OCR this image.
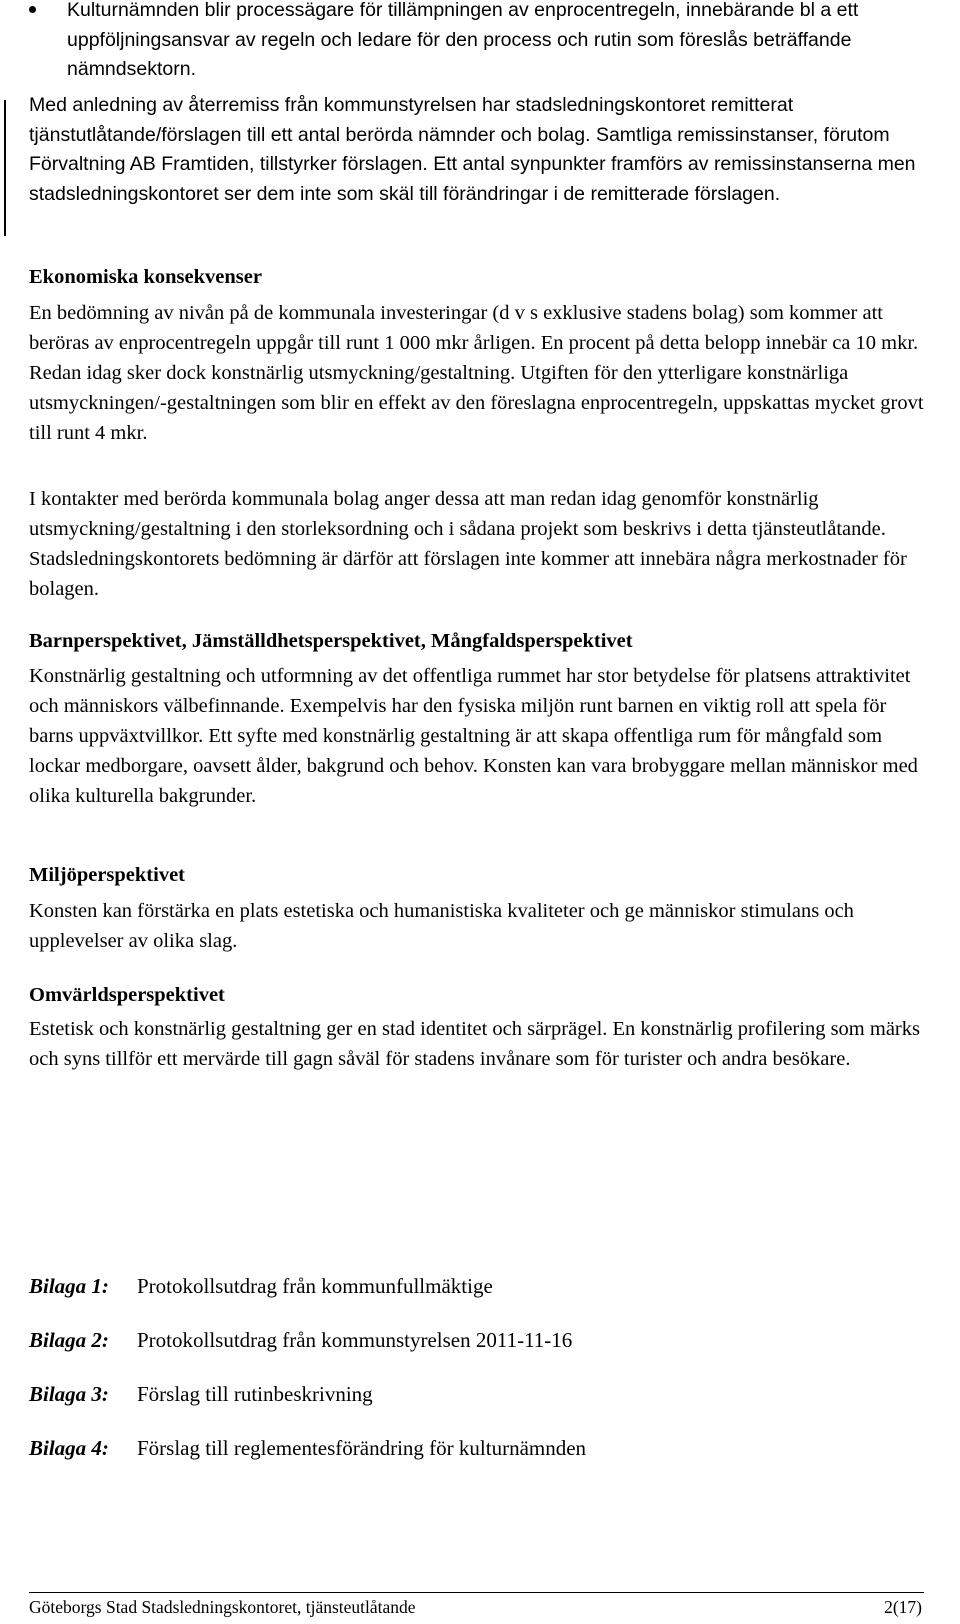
Kulturnämnden blir processägare för tillämpningen av enprocentregeln, innebärande bl a ett uppföljningsansvar av regeln och ledare för den process och rutin som föreslås beträffande nämndsektorn.

Med anledning av återremiss från kommunstyrelsen har stadsledningskontoret remitterat tjänstutlåtande/förslagen till ett antal berörda nämnder och bolag. Samtliga remissinstanser, förutom Förvaltning AB Framtiden, tillstyrker förslagen. Ett antal synpunkter framförs av remissinstanserna men stadsledningskontoret ser dem inte som skäl till förändringar i de remitterade förslagen.

Ekonomiska konsekvenser

En bedömning av nivån på de kommunala investeringar (d v s exklusive stadens bolag) som kommer att beröras av enprocentregeln uppgår till runt 1 000 mkr årligen. En procent på detta belopp innebär ca 10 mkr. Redan idag sker dock konstnärlig utsmyckning/gestaltning. Utgiften för den ytterligare konstnärliga utsmyckningen/-gestaltningen som blir en effekt av den föreslagna enprocentregeln, uppskattas mycket grovt till runt 4 mkr.

I kontakter med berörda kommunala bolag anger dessa att man redan idag genomför konstnärlig utsmyckning/gestaltning i den storleksordning och i sådana projekt som beskrivs i detta tjänsteutlåtande. Stadsledningskontorets bedömning är därför att förslagen inte kommer att innebära några merkostnader för bolagen.

Barnperspektivet, Jämställdhetsperspektivet, Mångfaldsperspektivet

Konstnärlig gestaltning och utformning av det offentliga rummet har stor betydelse för platsens attraktivitet och människors välbefinnande. Exempelvis har den fysiska miljön runt barnen en viktig roll att spela för barns uppväxtvillkor. Ett syfte med konstnärlig gestaltning är att skapa offentliga rum för mångfald som lockar medborgare, oavsett ålder, bakgrund och behov. Konsten kan vara brobyggare mellan människor med olika kulturella bakgrunder.

Miljöperspektivet

Konsten kan förstärka en plats estetiska och humanistiska kvaliteter och ge människor stimulans och upplevelser av olika slag.

Omvärldsperspektivet

Estetisk och konstnärlig gestaltning ger en stad identitet och särprägel. En konstnärlig profilering som märks och syns tillför ett mervärde till gagn såväl för stadens invånare som för turister och andra besökare.

Bilaga 1: Protokollsutdrag från kommunfullmäktige
Bilaga 2: Protokollsutdrag från kommunstyrelsen 2011-11-16
Bilaga 3: Förslag till rutinbeskrivning
Bilaga 4: Förslag till reglementesförändring för kulturnämnden
Göteborgs Stad Stadsledningskontoret, tjänsteutlåtande	2(17)
